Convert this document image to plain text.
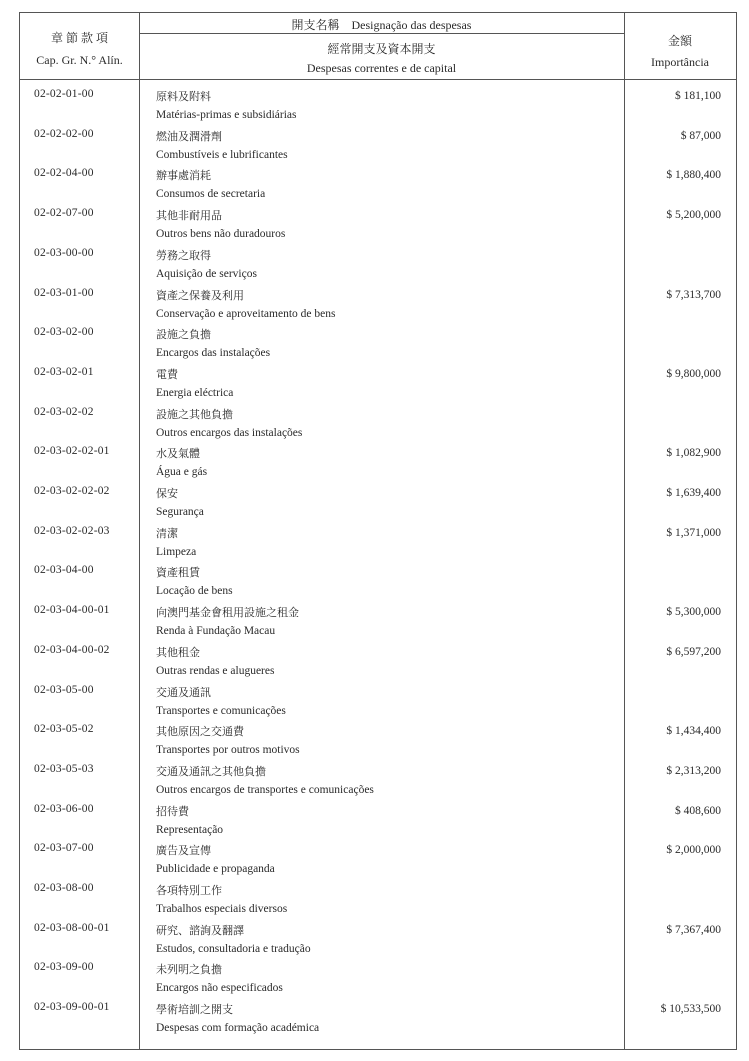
章 節 款 項
Cap. Gr. N.° Alín.
開支名稱　Designação das despesas
經常開支及資本開支
Despesas correntes e de capital
金額
Importância
02-02-01-00	原料及附料
Matérias-primas e subsidiárias
$ 181,100
02-02-02-00	燃油及潤滑劑
Combustíveis e lubrificantes
$ 87,000
02-02-04-00	辦事處消耗
Consumos de secretaria
$ 1,880,400
02-02-07-00	其他非耐用品
Outros bens não duradouros
$ 5,200,000
02-03-00-00	勞務之取得
Aquisição de serviços
02-03-01-00	資產之保養及利用
Conservação e aproveitamento de bens
$ 7,313,700
02-03-02-00	設施之負擔
Encargos das instalações
02-03-02-01	電費
Energia eléctrica
$ 9,800,000
02-03-02-02	設施之其他負擔
Outros encargos das instalações
02-03-02-02-01	水及氣體
Água e gás
$ 1,082,900
02-03-02-02-02	保安
Segurança
$ 1,639,400
02-03-02-02-03	清潔
Limpeza
$ 1,371,000
02-03-04-00	資產租賃
Locação de bens
02-03-04-00-01	向澳門基金會租用設施之租金
Renda à Fundação Macau
$ 5,300,000
02-03-04-00-02	其他租金
Outras rendas e alugueres
$ 6,597,200
02-03-05-00	交通及通訊
Transportes e comunicações
02-03-05-02	其他原因之交通費
Transportes por outros motivos
$ 1,434,400
02-03-05-03	交通及通訊之其他負擔
Outros encargos de transportes e comunicações
$ 2,313,200
02-03-06-00	招待費
Representação
$ 408,600
02-03-07-00	廣告及宣傳
Publicidade e propaganda
$ 2,000,000
02-03-08-00	各項特別工作
Trabalhos especiais diversos
02-03-08-00-01	研究、諮詢及翻譯
Estudos, consultadoria e tradução
$ 7,367,400
02-03-09-00	未列明之負擔
Encargos não especificados
02-03-09-00-01	學術培訓之開支
Despesas com formação académica
$ 10,533,500
